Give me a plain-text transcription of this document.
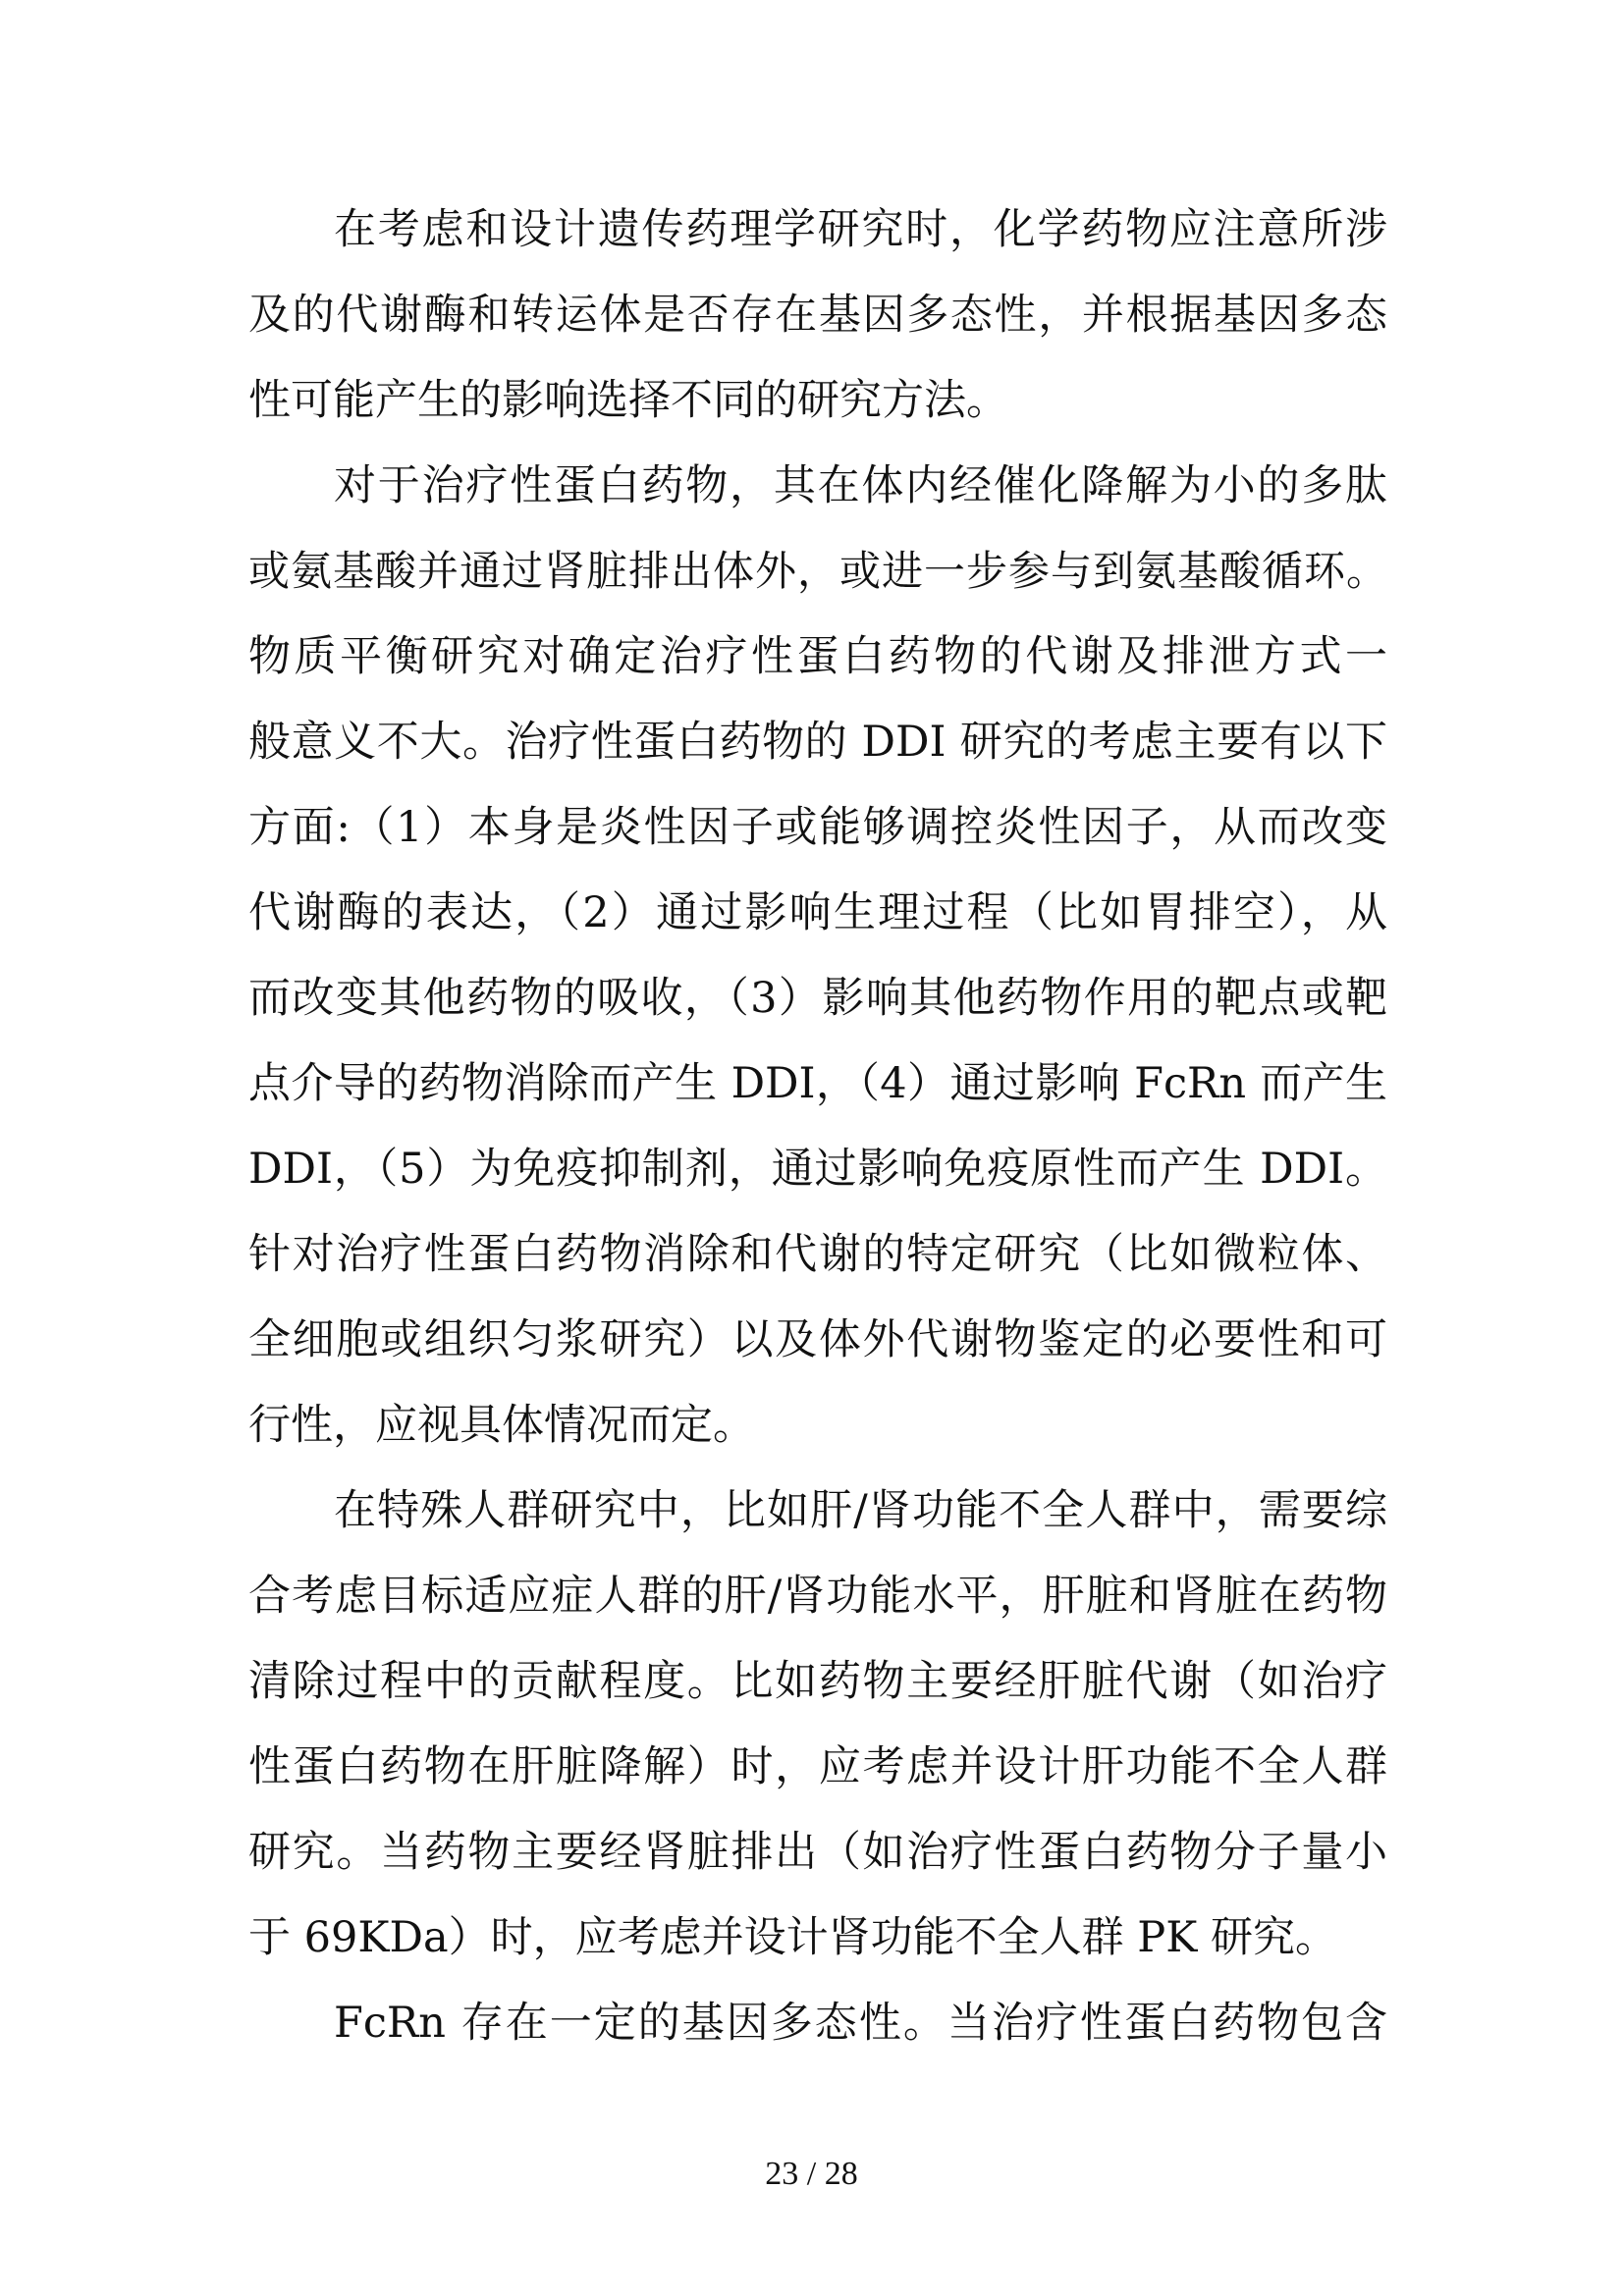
在考虑和设计遗传药理学研究时，化学药物应注意所涉
及的代谢酶和转运体是否存在基因多态性，并根据基因多态
性可能产生的影响选择不同的研究方法。
对于治疗性蛋白药物，其在体内经催化降解为小的多肽
或氨基酸并通过肾脏排出体外，或进一步参与到氨基酸循环。
物质平衡研究对确定治疗性蛋白药物的代谢及排泄方式一
般意义不大。治疗性蛋白药物的 DDI 研究的考虑主要有以下
方面:（1）本身是炎性因子或能够调控炎性因子，从而改变
代谢酶的表达，（2）通过影响生理过程（比如胃排空），从
而改变其他药物的吸收，（3）影响其他药物作用的靶点或靶
点介导的药物消除而产生 DDI，（4）通过影响 FcRn 而产生
DDI，（5）为免疫抑制剂，通过影响免疫原性而产生 DDI。
针对治疗性蛋白药物消除和代谢的特定研究（比如微粒体、
全细胞或组织匀浆研究）以及体外代谢物鉴定的必要性和可
行性，应视具体情况而定。
在特殊人群研究中，比如肝/肾功能不全人群中，需要综
合考虑目标适应症人群的肝/肾功能水平，肝脏和肾脏在药物
清除过程中的贡献程度。比如药物主要经肝脏代谢（如治疗
性蛋白药物在肝脏降解）时，应考虑并设计肝功能不全人群
研究。当药物主要经肾脏排出（如治疗性蛋白药物分子量小
于 69KDa）时，应考虑并设计肾功能不全人群 PK 研究。
FcRn 存在一定的基因多态性。当治疗性蛋白药物包含
23 / 28
